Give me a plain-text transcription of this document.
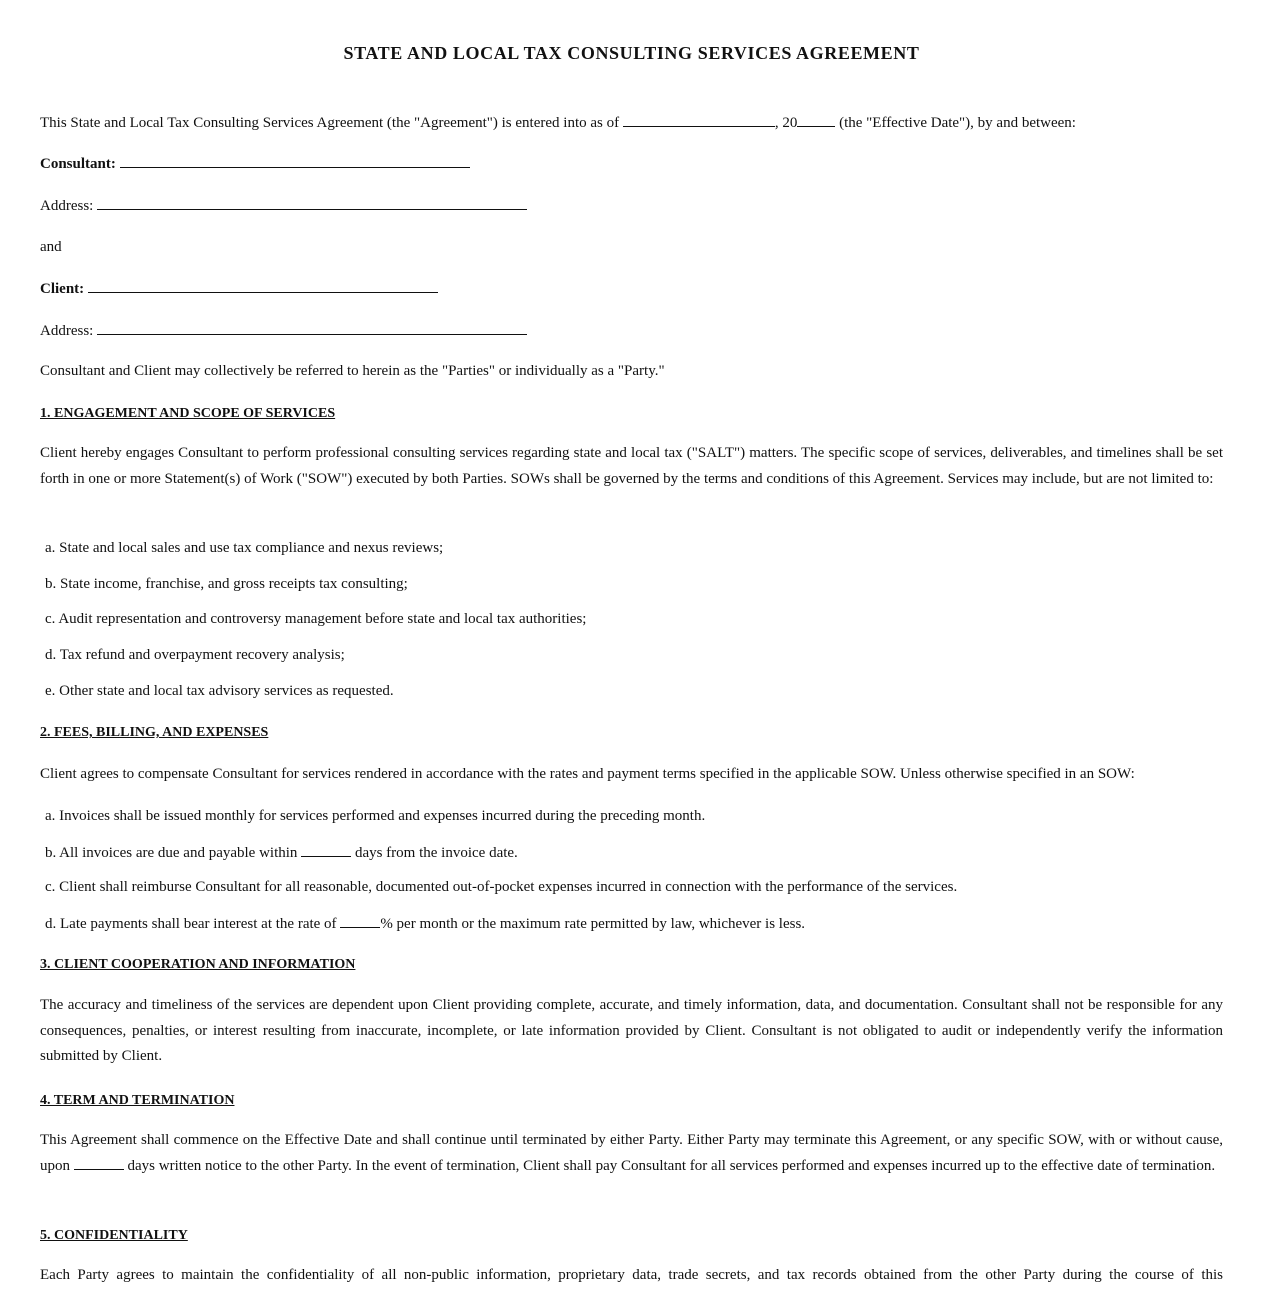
STATE AND LOCAL TAX CONSULTING SERVICES AGREEMENT

This State and Local Tax Consulting Services Agreement (the "Agreement") is entered into as of	, 20	(the "Effective Date"), by and between:

Consultant:

Address:

and

Client:

Address:

Consultant and Client may collectively be referred to herein as the "Parties" or individually as a "Party."

1. ENGAGEMENT AND SCOPE OF SERVICES

Client hereby engages Consultant to perform professional consulting services regarding state and local tax ("SALT") matters. The specific scope of services, deliverables, and timelines shall be set forth in one or more Statement(s) of Work ("SOW") executed by both Parties. SOWs shall be governed by the terms and conditions of this Agreement. Services may include, but are not limited to:

a. State and local sales and use tax compliance and nexus reviews;

b. State income, franchise, and gross receipts tax consulting;

c. Audit representation and controversy management before state and local tax authorities;

d. Tax refund and overpayment recovery analysis;

e. Other state and local tax advisory services as requested.

2. FEES, BILLING, AND EXPENSES

Client agrees to compensate Consultant for services rendered in accordance with the rates and payment terms specified in the applicable SOW. Unless otherwise specified in an SOW:

a. Invoices shall be issued monthly for services performed and expenses incurred during the preceding month.

b. All invoices are due and payable within	days from the invoice date.

c. Client shall reimburse Consultant for all reasonable, documented out-of-pocket expenses incurred in connection with the performance of the services.

d. Late payments shall bear interest at the rate of	% per month or the maximum rate permitted by law, whichever is less.

3. CLIENT COOPERATION AND INFORMATION

The accuracy and timeliness of the services are dependent upon Client providing complete, accurate, and timely information, data, and documentation. Consultant shall not be responsible for any consequences, penalties, or interest resulting from inaccurate, incomplete, or late information provided by Client. Consultant is not obligated to audit or independently verify the information submitted by Client.

4. TERM AND TERMINATION

This Agreement shall commence on the Effective Date and shall continue until terminated by either Party. Either Party may terminate this Agreement, or any specific SOW, with or without cause, upon	days written notice to the other Party. In the event of termination, Client shall pay Consultant for all services performed and expenses incurred up to the effective date of termination.

5. CONFIDENTIALITY

Each Party agrees to maintain the confidentiality of all non-public information, proprietary data, trade secrets, and tax records obtained from the other Party during the course of this
